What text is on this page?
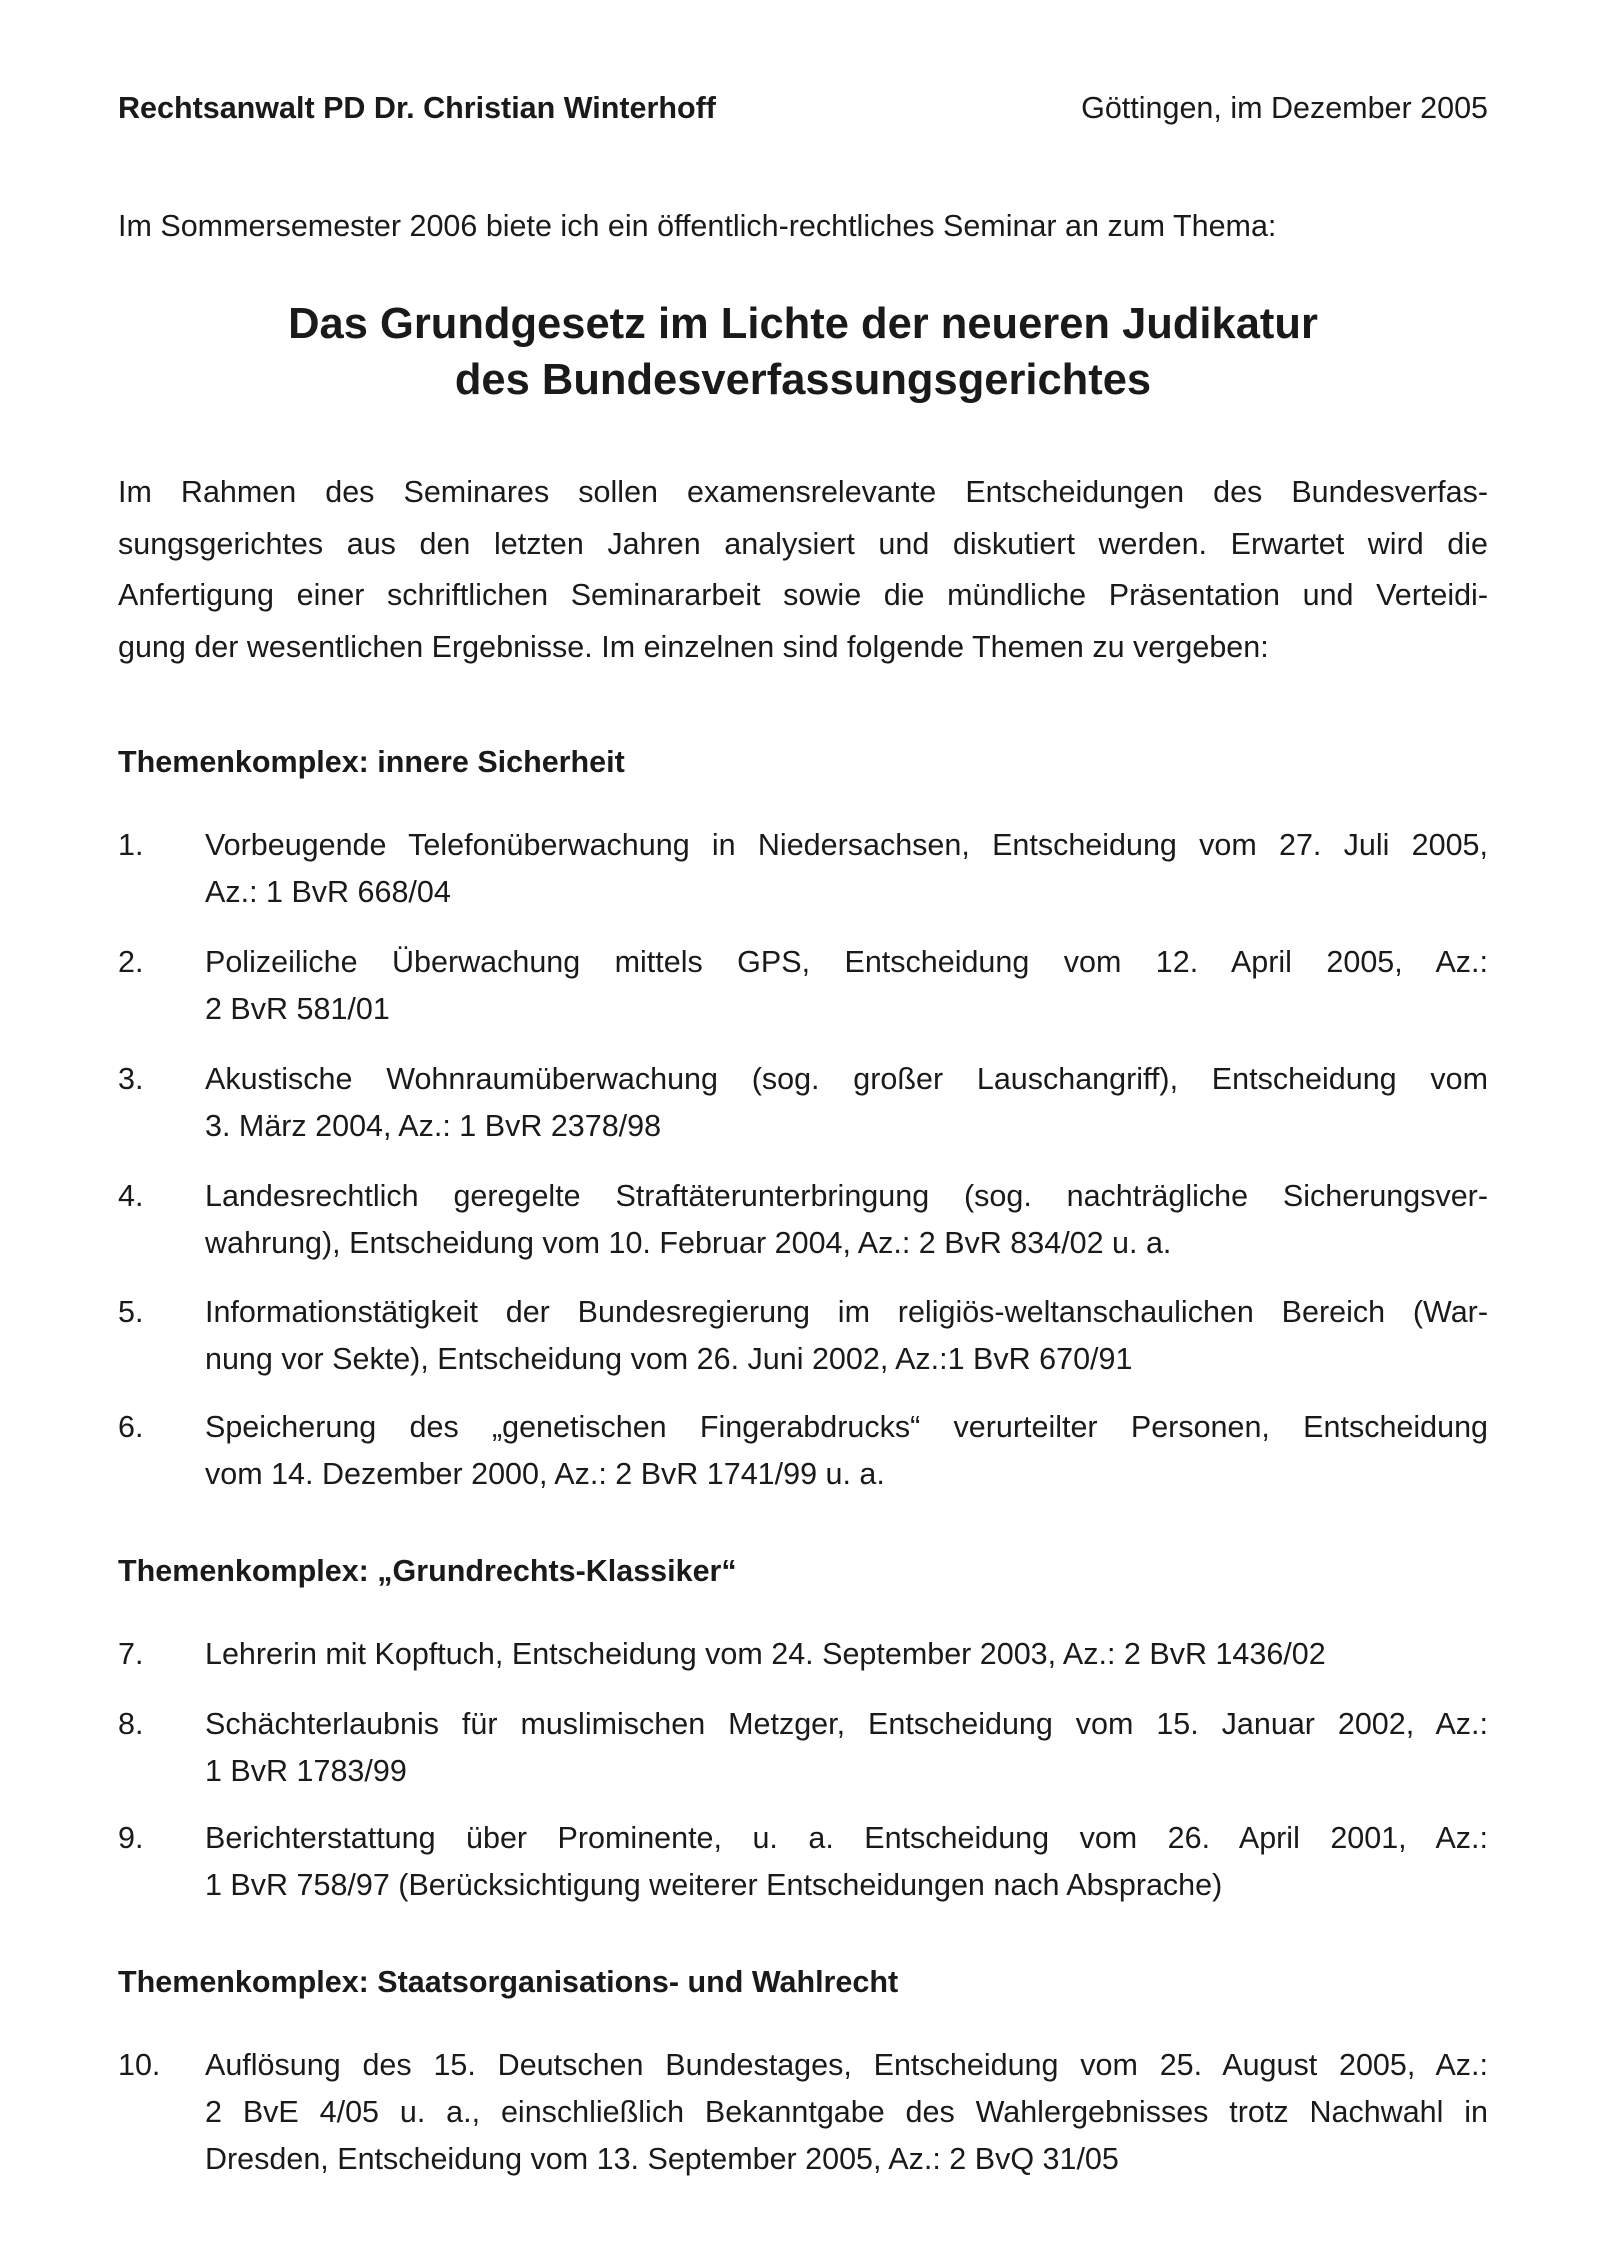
Rechtsanwalt PD Dr. Christian Winterhoff	Göttingen, im Dezember 2005
Im Sommersemester 2006 biete ich ein öffentlich-rechtliches Seminar an zum Thema:
Das Grundgesetz im Lichte der neueren Judikatur
des Bundesverfassungsgerichtes
Im Rahmen des Seminares sollen examensrelevante Entscheidungen des Bundesverfas-
sungsgerichtes aus den letzten Jahren analysiert und diskutiert werden. Erwartet wird die
Anfertigung einer schriftlichen Seminararbeit sowie die mündliche Präsentation und Verteidi-
gung der wesentlichen Ergebnisse. Im einzelnen sind folgende Themen zu vergeben:
Themenkomplex: innere Sicherheit
1. Vorbeugende Telefonüberwachung in Niedersachsen, Entscheidung vom 27. Juli 2005,
Az.: 1 BvR 668/04
2. Polizeiliche Überwachung mittels GPS, Entscheidung vom 12. April 2005, Az.:
2 BvR 581/01
3. Akustische Wohnraumüberwachung (sog. großer Lauschangriff), Entscheidung vom
3. März 2004, Az.: 1 BvR 2378/98
4. Landesrechtlich geregelte Straftäterunterbringung (sog. nachträgliche Sicherungsver-
wahrung), Entscheidung vom 10. Februar 2004, Az.: 2 BvR 834/02 u. a.
5. Informationstätigkeit der Bundesregierung im religiös-weltanschaulichen Bereich (War-
nung vor Sekte), Entscheidung vom 26. Juni 2002, Az.:1 BvR 670/91
6. Speicherung des „genetischen Fingerabdrucks“ verurteilter Personen, Entscheidung
vom 14. Dezember 2000, Az.: 2 BvR 1741/99 u. a.
Themenkomplex: „Grundrechts-Klassiker“
7. Lehrerin mit Kopftuch, Entscheidung vom 24. September 2003, Az.: 2 BvR 1436/02
8. Schächterlaubnis für muslimischen Metzger, Entscheidung vom 15. Januar 2002, Az.:
1 BvR 1783/99
9. Berichterstattung über Prominente, u. a. Entscheidung vom 26. April 2001, Az.:
1 BvR 758/97 (Berücksichtigung weiterer Entscheidungen nach Absprache)
Themenkomplex: Staatsorganisations- und Wahlrecht
10. Auflösung des 15. Deutschen Bundestages, Entscheidung vom 25. August 2005, Az.:
2 BvE 4/05 u. a., einschließlich Bekanntgabe des Wahlergebnisses trotz Nachwahl in
Dresden, Entscheidung vom 13. September 2005, Az.: 2 BvQ 31/05
